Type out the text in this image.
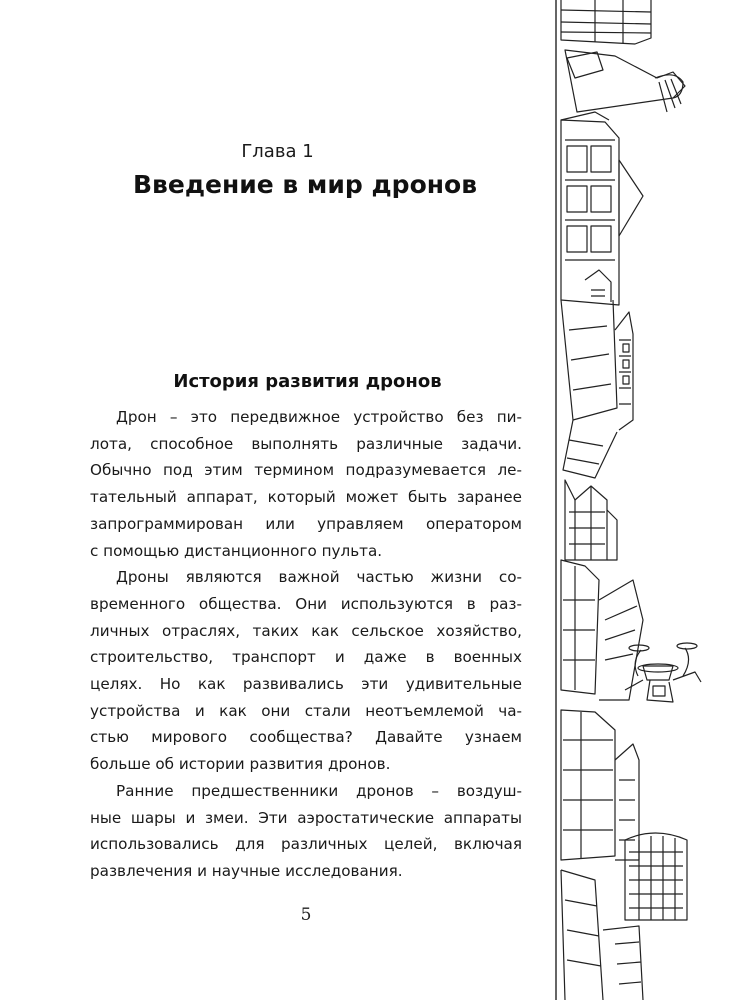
Глава 1
Введение в мир дронов
История развития дронов
Дрон – это передвижное устройство без пи-
лота, способное выполнять различные задачи.
Обычно под этим термином подразумевается ле-
тательный аппарат, который может быть заранее
запрограммирован или управляем оператором
с помощью дистанционного пульта.
Дроны являются важной частью жизни со-
временного общества. Они используются в раз-
личных отраслях, таких как сельское хозяйство,
строительство, транспорт и даже в военных
целях. Но как развивались эти удивительные
устройства и как они стали неотъемлемой ча-
стью мирового сообщества? Давайте узнаем
больше об истории развития дронов.
Ранние предшественники дронов – воздуш-
ные шары и змеи. Эти аэростатические аппараты
использовались для различных целей, включая
развлечения и научные исследования.
5
